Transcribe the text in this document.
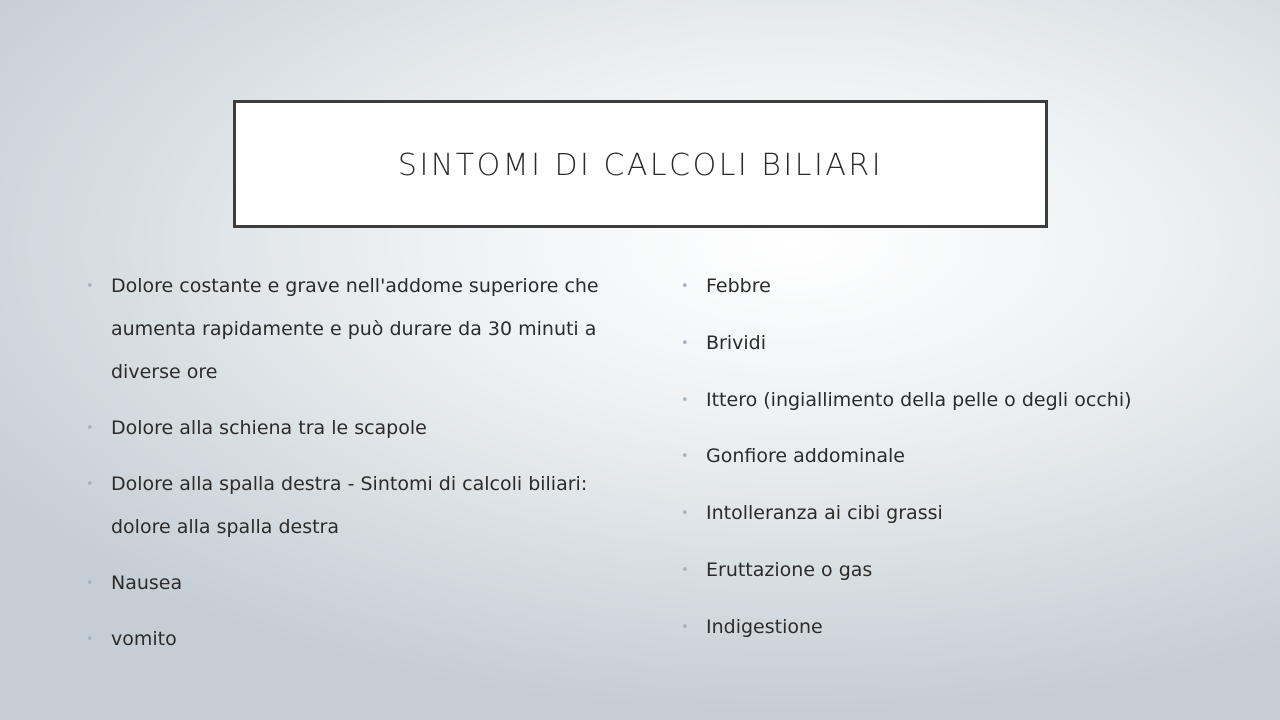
SINTOMI DI CALCOLI BILIARI
• Dolore costante e grave nell'addome superiore che aumenta rapidamente e può durare da 30 minuti a diverse ore
• Dolore alla schiena tra le scapole
• Dolore alla spalla destra - Sintomi di calcoli biliari: dolore alla spalla destra
• Nausea
• vomito
• Febbre
• Brividi
• Ittero (ingiallimento della pelle o degli occhi)
• Gonfiore addominale
• Intolleranza ai cibi grassi
• Eruttazione o gas
• Indigestione
